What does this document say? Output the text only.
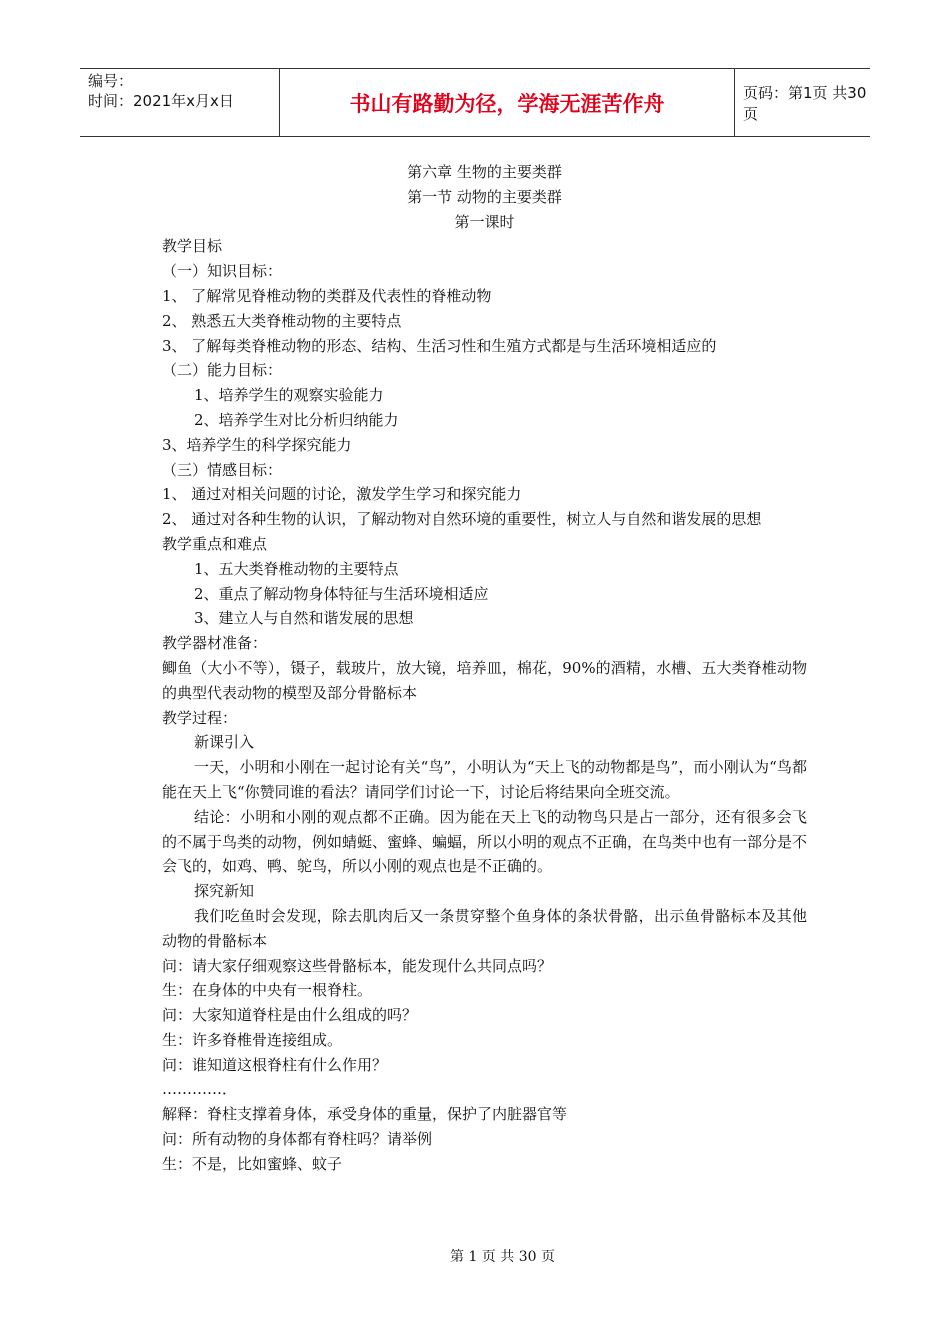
编号：
时间：2021年x月x日	书山有路勤为径，学海无涯苦作舟	页码：第1页 共30页
第六章 生物的主要类群
第一节 动物的主要类群
第一课时
教学目标
（一）知识目标：
1、 了解常见脊椎动物的类群及代表性的脊椎动物
2、 熟悉五大类脊椎动物的主要特点
3、 了解每类脊椎动物的形态、结构、生活习性和生殖方式都是与生活环境相适应的
（二）能力目标：
1、培养学生的观察实验能力
2、培养学生对比分析归纳能力
3、培养学生的科学探究能力
（三）情感目标：
1、 通过对相关问题的讨论，激发学生学习和探究能力
2、 通过对各种生物的认识，了解动物对自然环境的重要性，树立人与自然和谐发展的思想
教学重点和难点
1、五大类脊椎动物的主要特点
2、重点了解动物身体特征与生活环境相适应
3、建立人与自然和谐发展的思想
教学器材准备：
鲫鱼（大小不等），镊子，载玻片，放大镜，培养皿，棉花，90%的酒精，水槽、五大类脊椎动物的典型代表动物的模型及部分骨骼标本
教学过程：
新课引入
一天，小明和小刚在一起讨论有关“鸟”，小明认为“天上飞的动物都是鸟”，而小刚认为“鸟都能在天上飞“你赞同谁的看法？请同学们讨论一下，讨论后将结果向全班交流。
结论：小明和小刚的观点都不正确。因为能在天上飞的动物鸟只是占一部分，还有很多会飞的不属于鸟类的动物，例如蜻蜓、蜜蜂、蝙蝠，所以小明的观点不正确，在鸟类中也有一部分是不会飞的，如鸡、鸭、鸵鸟，所以小刚的观点也是不正确的。
探究新知
我们吃鱼时会发现，除去肌肉后又一条贯穿整个鱼身体的条状骨骼，出示鱼骨骼标本及其他动物的骨骼标本
问：请大家仔细观察这些骨骼标本，能发现什么共同点吗？
生：在身体的中央有一根脊柱。
问：大家知道脊柱是由什么组成的吗？
生：许多脊椎骨连接组成。
问：谁知道这根脊柱有什么作用？
…………．
解释：脊柱支撑着身体，承受身体的重量，保护了内脏器官等
问：所有动物的身体都有脊柱吗？请举例
生：不是，比如蜜蜂、蚊子
第 1 页 共 30 页
